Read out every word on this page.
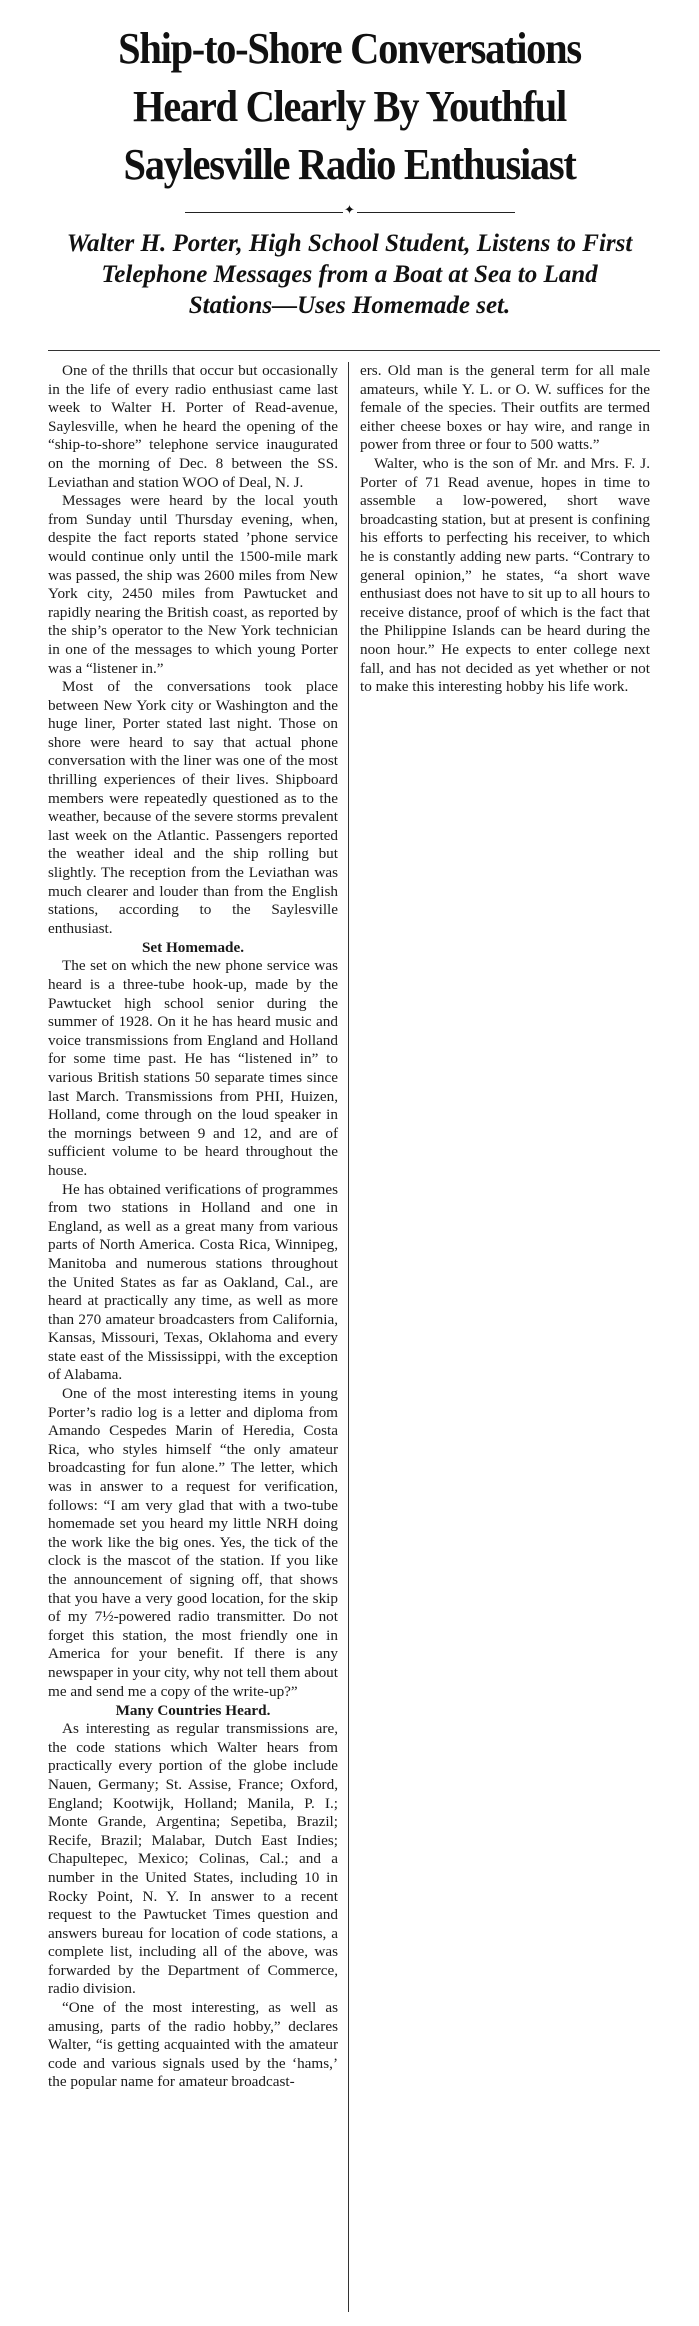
Ship-to-Shore Conversations
Heard Clearly By Youthful
Saylesville Radio Enthusiast
✦
Walter H. Porter, High School Student, Listens to First
Telephone Messages from a Boat at Sea to Land
Stations—Uses Homemade set.

One of the thrills that occur but occasionally in the life of every radio enthusiast came last week to Walter H. Porter of Read-avenue, Saylesville, when he heard the opening of the “ship-to-shore” telephone service inaugurated on the morning of Dec. 8 between the SS. Leviathan and station WOO of Deal, N. J.

Messages were heard by the local youth from Sunday until Thursday evening, when, despite the fact reports stated ’phone service would continue only until the 1500-mile mark was passed, the ship was 2600 miles from New York city, 2450 miles from Pawtucket and rapidly nearing the British coast, as reported by the ship’s operator to the New York technician in one of the messages to which young Porter was a “listener in.”

Most of the conversations took place between New York city or Washington and the huge liner, Porter stated last night. Those on shore were heard to say that actual phone conversation with the liner was one of the most thrilling experiences of their lives. Shipboard members were repeatedly questioned as to the weather, because of the severe storms prevalent last week on the Atlantic. Passengers reported the weather ideal and the ship rolling but slightly. The reception from the Leviathan was much clearer and louder than from the English stations, according to the Saylesville enthusiast.

Set Homemade.

The set on which the new phone service was heard is a three-tube hook-up, made by the Pawtucket high school senior during the summer of 1928. On it he has heard music and voice transmissions from England and Holland for some time past. He has “listened in” to various British stations 50 separate times since last March. Transmissions from PHI, Huizen, Holland, come through on the loud speaker in the mornings between 9 and 12, and are of sufficient volume to be heard throughout the house.

He has obtained verifications of programmes from two stations in Holland and one in England, as well as a great many from various parts of North America. Costa Rica, Winnipeg, Manitoba and numerous stations throughout the United States as far as Oakland, Cal., are heard at practically any time, as well as more than 270 amateur broadcasters from California, Kansas, Missouri, Texas, Oklahoma and every state east of the Mississippi, with the exception of Alabama.

One of the most interesting items in young Porter’s radio log is a letter and diploma from Amando Cespedes Marin of Heredia, Costa Rica, who styles himself “the only amateur broadcasting for fun alone.” The letter, which was in answer to a request for verification, follows: “I am very glad that with a two-tube homemade set you heard my little NRH doing the work like the big ones. Yes, the tick of the clock is the mascot of the station. If you like the announcement of signing off, that shows that you have a very good location, for the skip of my 7½-powered radio transmitter. Do not forget this station, the most friendly one in America for your benefit. If there is any newspaper in your city, why not tell them about me and send me a copy of the write-up?”

Many Countries Heard.

As interesting as regular transmissions are, the code stations which Walter hears from practically every portion of the globe include Nauen, Germany; St. Assise, France; Oxford, England; Kootwijk, Holland; Manila, P. I.; Monte Grande, Argentina; Sepetiba, Brazil; Recife, Brazil; Malabar, Dutch East Indies; Chapultepec, Mexico; Colinas, Cal.; and a number in the United States, including 10 in Rocky Point, N. Y. In answer to a recent request to the Pawtucket Times question and answers bureau for location of code stations, a complete list, including all of the above, was forwarded by the Department of Commerce, radio division.

“One of the most interesting, as well as amusing, parts of the radio hobby,” declares Walter, “is getting acquainted with the amateur code and various signals used by the ‘hams,’ the popular name for amateur broadcast-

ers. Old man is the general term for all male amateurs, while Y. L. or O. W. suffices for the female of the species. Their outfits are termed either cheese boxes or hay wire, and range in power from three or four to 500 watts.”

Walter, who is the son of Mr. and Mrs. F. J. Porter of 71 Read avenue, hopes in time to assemble a low-powered, short wave broadcasting station, but at present is confining his efforts to perfecting his receiver, to which he is constantly adding new parts. “Contrary to general opinion,” he states, “a short wave enthusiast does not have to sit up to all hours to receive distance, proof of which is the fact that the Philippine Islands can be heard during the noon hour.” He expects to enter college next fall, and has not decided as yet whether or not to make this interesting hobby his life work.
